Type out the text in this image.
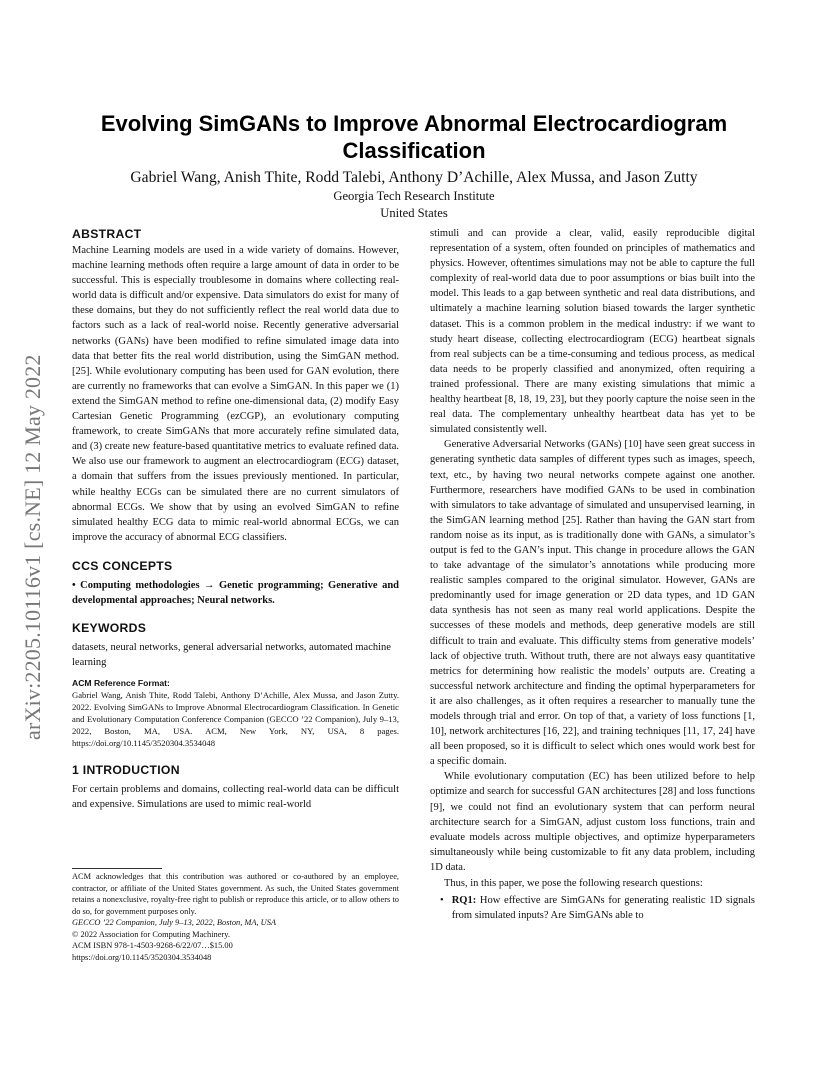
arXiv:2205.10116v1 [cs.NE] 12 May 2022
Evolving SimGANs to Improve Abnormal Electrocardiogram Classification
Gabriel Wang, Anish Thite, Rodd Talebi, Anthony D’Achille, Alex Mussa, and Jason Zutty
Georgia Tech Research Institute
United States
ABSTRACT

Machine Learning models are used in a wide variety of domains. However, machine learning methods often require a large amount of data in order to be successful. This is especially troublesome in domains where collecting real-world data is difficult and/or expensive. Data simulators do exist for many of these domains, but they do not sufficiently reflect the real world data due to factors such as a lack of real-world noise. Recently generative adversarial networks (GANs) have been modified to refine simulated image data into data that better fits the real world distribution, using the SimGAN method. [25]. While evolutionary computing has been used for GAN evolution, there are currently no frameworks that can evolve a SimGAN. In this paper we (1) extend the SimGAN method to refine one-dimensional data, (2) modify Easy Cartesian Genetic Programming (ezCGP), an evolutionary computing framework, to create SimGANs that more accurately refine simulated data, and (3) create new feature-based quantitative metrics to evaluate refined data. We also use our framework to augment an electrocardiogram (ECG) dataset, a domain that suffers from the issues previously mentioned. In particular, while healthy ECGs can be simulated there are no current simulators of abnormal ECGs. We show that by using an evolved SimGAN to refine simulated healthy ECG data to mimic real-world abnormal ECGs, we can improve the accuracy of abnormal ECG classifiers.

CCS CONCEPTS

• Computing methodologies → Genetic programming; Generative and developmental approaches; Neural networks.

KEYWORDS

datasets, neural networks, general adversarial networks, automated machine learning

ACM Reference Format:

Gabriel Wang, Anish Thite, Rodd Talebi, Anthony D’Achille, Alex Mussa, and Jason Zutty. 2022. Evolving SimGANs to Improve Abnormal Electrocardiogram Classification. In Genetic and Evolutionary Computation Conference Companion (GECCO ’22 Companion), July 9–13, 2022, Boston, MA, USA. ACM, New York, NY, USA, 8 pages. https://doi.org/10.1145/3520304.3534048

1 INTRODUCTION

For certain problems and domains, collecting real-world data can be difficult and expensive. Simulations are used to mimic real-world

ACM acknowledges that this contribution was authored or co-authored by an employee, contractor, or affiliate of the United States government. As such, the United States government retains a nonexclusive, royalty-free right to publish or reproduce this article, or to allow others to do so, for government purposes only.

GECCO ’22 Companion, July 9–13, 2022, Boston, MA, USA

© 2022 Association for Computing Machinery.

ACM ISBN 978-1-4503-9268-6/22/07…$15.00

https://doi.org/10.1145/3520304.3534048

stimuli and can provide a clear, valid, easily reproducible digital representation of a system, often founded on principles of mathematics and physics. However, oftentimes simulations may not be able to capture the full complexity of real-world data due to poor assumptions or bias built into the model. This leads to a gap between synthetic and real data distributions, and ultimately a machine learning solution biased towards the larger synthetic dataset. This is a common problem in the medical industry: if we want to study heart disease, collecting electrocardiogram (ECG) heartbeat signals from real subjects can be a time-consuming and tedious process, as medical data needs to be properly classified and anonymized, often requiring a trained professional. There are many existing simulations that mimic a healthy heartbeat [8, 18, 19, 23], but they poorly capture the noise seen in the real data. The complementary unhealthy heartbeat data has yet to be simulated consistently well.

Generative Adversarial Networks (GANs) [10] have seen great success in generating synthetic data samples of different types such as images, speech, text, etc., by having two neural networks compete against one another. Furthermore, researchers have modified GANs to be used in combination with simulators to take advantage of simulated and unsupervised learning, in the SimGAN learning method [25]. Rather than having the GAN start from random noise as its input, as is traditionally done with GANs, a simulator’s output is fed to the GAN’s input. This change in procedure allows the GAN to take advantage of the simulator’s annotations while producing more realistic samples compared to the original simulator. However, GANs are predominantly used for image generation or 2D data types, and 1D GAN data synthesis has not seen as many real world applications. Despite the successes of these models and methods, deep generative models are still difficult to train and evaluate. This difficulty stems from generative models’ lack of objective truth. Without truth, there are not always easy quantitative metrics for determining how realistic the models’ outputs are. Creating a successful network architecture and finding the optimal hyperparameters for it are also challenges, as it often requires a researcher to manually tune the models through trial and error. On top of that, a variety of loss functions [1, 10], network architectures [16, 22], and training techniques [11, 17, 24] have all been proposed, so it is difficult to select which ones would work best for a specific domain.

While evolutionary computation (EC) has been utilized before to help optimize and search for successful GAN architectures [28] and loss functions [9], we could not find an evolutionary system that can perform neural architecture search for a SimGAN, adjust custom loss functions, train and evaluate models across multiple objectives, and optimize hyperparameters simultaneously while being customizable to fit any data problem, including 1D data.

Thus, in this paper, we pose the following research questions:

• RQ1: How effective are SimGANs for generating realistic 1D signals from simulated inputs? Are SimGANs able to
